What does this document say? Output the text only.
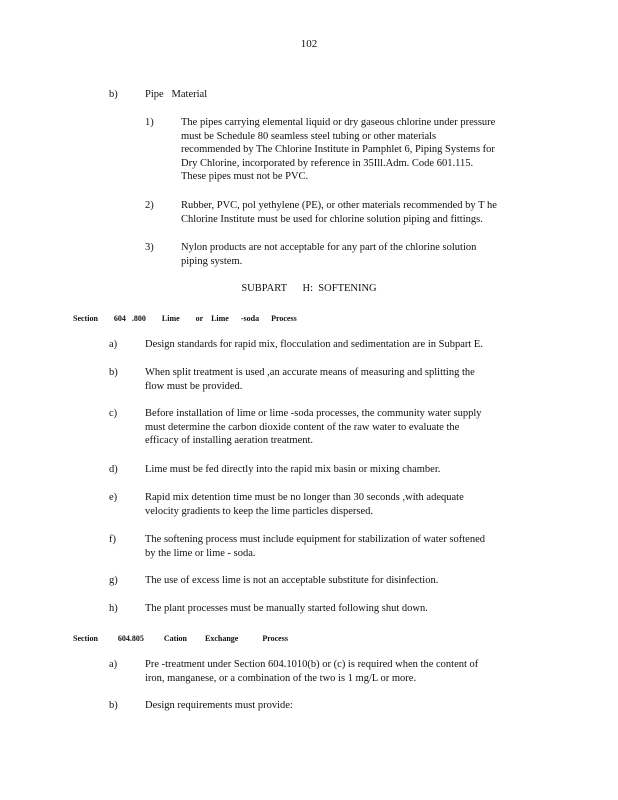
102
b)	Pipe   Material
1)	The pipes carrying elemental liquid or dry gaseous chlorine under pressure
must be Schedule 80 seamless steel tubing or other materials
recommended by The Chlorine Institute in Pamphlet 6, Piping Systems for
Dry Chlorine, incorporated by reference in 35Ill.Adm. Code 601.115.
These pipes must not be PVC.
2)	Rubber, PVC, pol yethylene (PE), or other materials recommended by T he
Chlorine Institute must be used for chlorine solution piping and fittings.
3)	Nylon products are not acceptable for any part of the chlorine solution
piping system.
SUBPART      H:  SOFTENING
Section        604   .800        Lime        or    Lime      -soda      Process
a)	Design standards for rapid mix, flocculation and sedimentation are in Subpart E.
b)	When split treatment is used ,an accurate means of measuring and splitting the
flow must be provided.
c)	Before installation of lime or lime -soda processes, the community water supply
must determine the carbon dioxide content of the raw water to evaluate the
efficacy of installing aeration treatment.
d)	Lime must be fed directly into the rapid mix basin or mixing chamber.
e)	Rapid mix detention time must be no longer than 30 seconds ,with adequate
velocity gradients to keep the lime particles dispersed.
f)	The softening process must include equipment for stabilization of water softened
by the lime or lime - soda.
g)	The use of excess lime is not an acceptable substitute for disinfection.
h)	The plant processes must be manually started following shut down.
Section          604.805          Cation         Exchange            Process
a)	Pre -treatment under Section 604.1010(b) or (c) is required when the content of
iron, manganese, or a combination of the two is 1 mg/L or more.
b)	Design requirements must provide:
